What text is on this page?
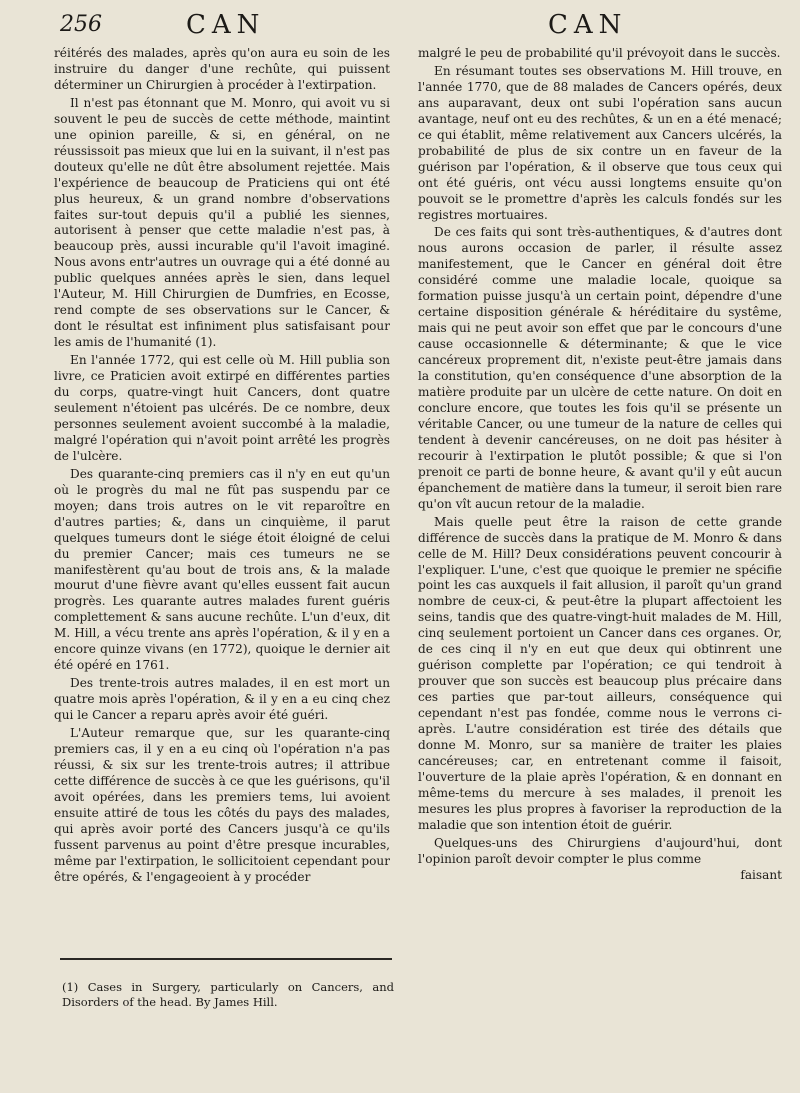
256	CAN	CAN

réitérés des malades, après qu'on aura eu soin de les instruire du danger d'une rechûte, qui puissent déterminer un Chirurgien à procéder à l'extirpation.

Il n'est pas étonnant que M. Monro, qui avoit vu si souvent le peu de succès de cette méthode, maintint une opinion pareille, & si, en général, on ne réussissoit pas mieux que lui en la suivant, il n'est pas douteux qu'elle ne dût être absolument rejettée. Mais l'expérience de beaucoup de Praticiens qui ont été plus heureux, & un grand nombre d'observations faites sur-tout depuis qu'il a publié les siennes, autorisent à penser que cette maladie n'est pas, à beaucoup près, aussi incurable qu'il l'avoit imaginé. Nous avons entr'autres un ouvrage qui a été donné au public quelques années après le sien, dans lequel l'Auteur, M. Hill Chirurgien de Dumfries, en Ecosse, rend compte de ses observations sur le Cancer, & dont le résultat est infiniment plus satisfaisant pour les amis de l'humanité (1).

En l'année 1772, qui est celle où M. Hill publia son livre, ce Praticien avoit extirpé en différentes parties du corps, quatre-vingt huit Cancers, dont quatre seulement n'étoient pas ulcérés. De ce nombre, deux personnes seulement avoient succombé à la maladie, malgré l'opération qui n'avoit point arrêté les progrès de l'ulcère.

Des quarante-cinq premiers cas il n'y en eut qu'un où le progrès du mal ne fût pas suspendu par ce moyen; dans trois autres on le vit reparoître en d'autres parties; &, dans un cinquième, il parut quelques tumeurs dont le siége étoit éloigné de celui du premier Cancer; mais ces tumeurs ne se manifestèrent qu'au bout de trois ans, & la malade mourut d'une fièvre avant qu'elles eussent fait aucun progrès. Les quarante autres malades furent guéris complettement & sans aucune rechûte. L'un d'eux, dit M. Hill, a vécu trente ans après l'opération, & il y en a encore quinze vivans (en 1772), quoique le dernier ait été opéré en 1761.

Des trente-trois autres malades, il en est mort un quatre mois après l'opération, & il y en a eu cinq chez qui le Cancer a reparu après avoir été guéri.

L'Auteur remarque que, sur les quarante-cinq premiers cas, il y en a eu cinq où l'opération n'a pas réussi, & six sur les trente-trois autres; il attribue cette différence de succès à ce que les guérisons, qu'il avoit opérées, dans les premiers tems, lui avoient ensuite attiré de tous les côtés du pays des malades, qui après avoir porté des Cancers jusqu'à ce qu'ils fussent parvenus au point d'être presque incurables, même par l'extirpation, le sollicitoient cependant pour être opérés, & l'engageoient à y procéder

(1) Cases in Surgery, particularly on Cancers, and Disorders of the head. By James Hill.

malgré le peu de probabilité qu'il prévoyoit dans le succès.

En résumant toutes ses observations M. Hill trouve, en l'année 1770, que de 88 malades de Cancers opérés, deux ans auparavant, deux ont subi l'opération sans aucun avantage, neuf ont eu des rechûtes, & un en a été menacé; ce qui établit, même relativement aux Cancers ulcérés, la probabilité de plus de six contre un en faveur de la guérison par l'opération, & il observe que tous ceux qui ont été guéris, ont vécu aussi longtems ensuite qu'on pouvoit se le promettre d'après les calculs fondés sur les registres mortuaires.

De ces faits qui sont très-authentiques, & d'autres dont nous aurons occasion de parler, il résulte assez manifestement, que le Cancer en général doit être considéré comme une maladie locale, quoique sa formation puisse jusqu'à un certain point, dépendre d'une certaine disposition générale & héréditaire du systême, mais qui ne peut avoir son effet que par le concours d'une cause occasionnelle & déterminante; & que le vice cancéreux proprement dit, n'existe peut-être jamais dans la constitution, qu'en conséquence d'une absorption de la matière produite par un ulcère de cette nature. On doit en conclure encore, que toutes les fois qu'il se présente un véritable Cancer, ou une tumeur de la nature de celles qui tendent à devenir cancéreuses, on ne doit pas hésiter à recourir à l'extirpation le plutôt possible; & que si l'on prenoit ce parti de bonne heure, & avant qu'il y eût aucun épanchement de matière dans la tumeur, il seroit bien rare qu'on vît aucun retour de la maladie.

Mais quelle peut être la raison de cette grande différence de succès dans la pratique de M. Monro & dans celle de M. Hill? Deux considérations peuvent concourir à l'expliquer. L'une, c'est que quoique le premier ne spécifie point les cas auxquels il fait allusion, il paroît qu'un grand nombre de ceux-ci, & peut-être la plupart affectoient les seins, tandis que des quatre-vingt-huit malades de M. Hill, cinq seulement portoient un Cancer dans ces organes. Or, de ces cinq il n'y en eut que deux qui obtinrent une guérison complette par l'opération; ce qui tendroit à prouver que son succès est beaucoup plus précaire dans ces parties que par-tout ailleurs, conséquence qui cependant n'est pas fondée, comme nous le verrons ci-après. L'autre considération est tirée des détails que donne M. Monro, sur sa manière de traiter les plaies cancéreuses; car, en entretenant comme il faisoit, l'ouverture de la plaie après l'opération, & en donnant en même-tems du mercure à ses malades, il prenoit les mesures les plus propres à favoriser la reproduction de la maladie que son intention étoit de guérir.

Quelques-uns des Chirurgiens d'aujourd'hui, dont l'opinion paroît devoir compter le plus comme

faisant
